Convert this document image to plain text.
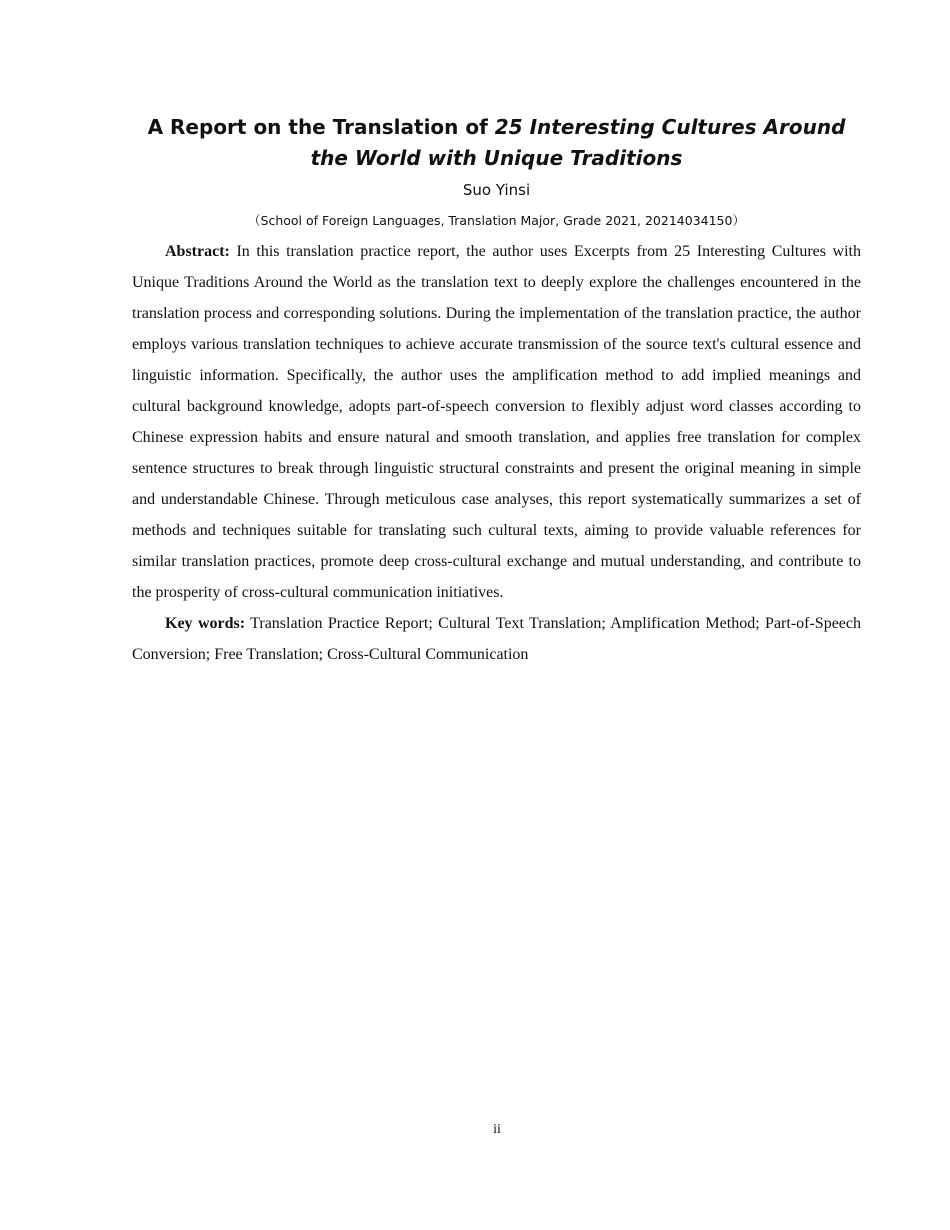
A Report on the Translation of 25 Interesting Cultures Around the World with Unique Traditions
Suo Yinsi
（School of Foreign Languages, Translation Major, Grade 2021, 20214034150）

Abstract: In this translation practice report, the author uses Excerpts from 25 Interesting Cultures with Unique Traditions Around the World as the translation text to deeply explore the challenges encountered in the translation process and corresponding solutions. During the implementation of the translation practice, the author employs various translation techniques to achieve accurate transmission of the source text's cultural essence and linguistic information. Specifically, the author uses the amplification method to add implied meanings and cultural background knowledge, adopts part-of-speech conversion to flexibly adjust word classes according to Chinese expression habits and ensure natural and smooth translation, and applies free translation for complex sentence structures to break through linguistic structural constraints and present the original meaning in simple and understandable Chinese. Through meticulous case analyses, this report systematically summarizes a set of methods and techniques suitable for translating such cultural texts, aiming to provide valuable references for similar translation practices, promote deep cross-cultural exchange and mutual understanding, and contribute to the prosperity of cross-cultural communication initiatives.

Key words: Translation Practice Report; Cultural Text Translation; Amplification Method; Part-of-Speech Conversion; Free Translation; Cross-Cultural Communication

ii
